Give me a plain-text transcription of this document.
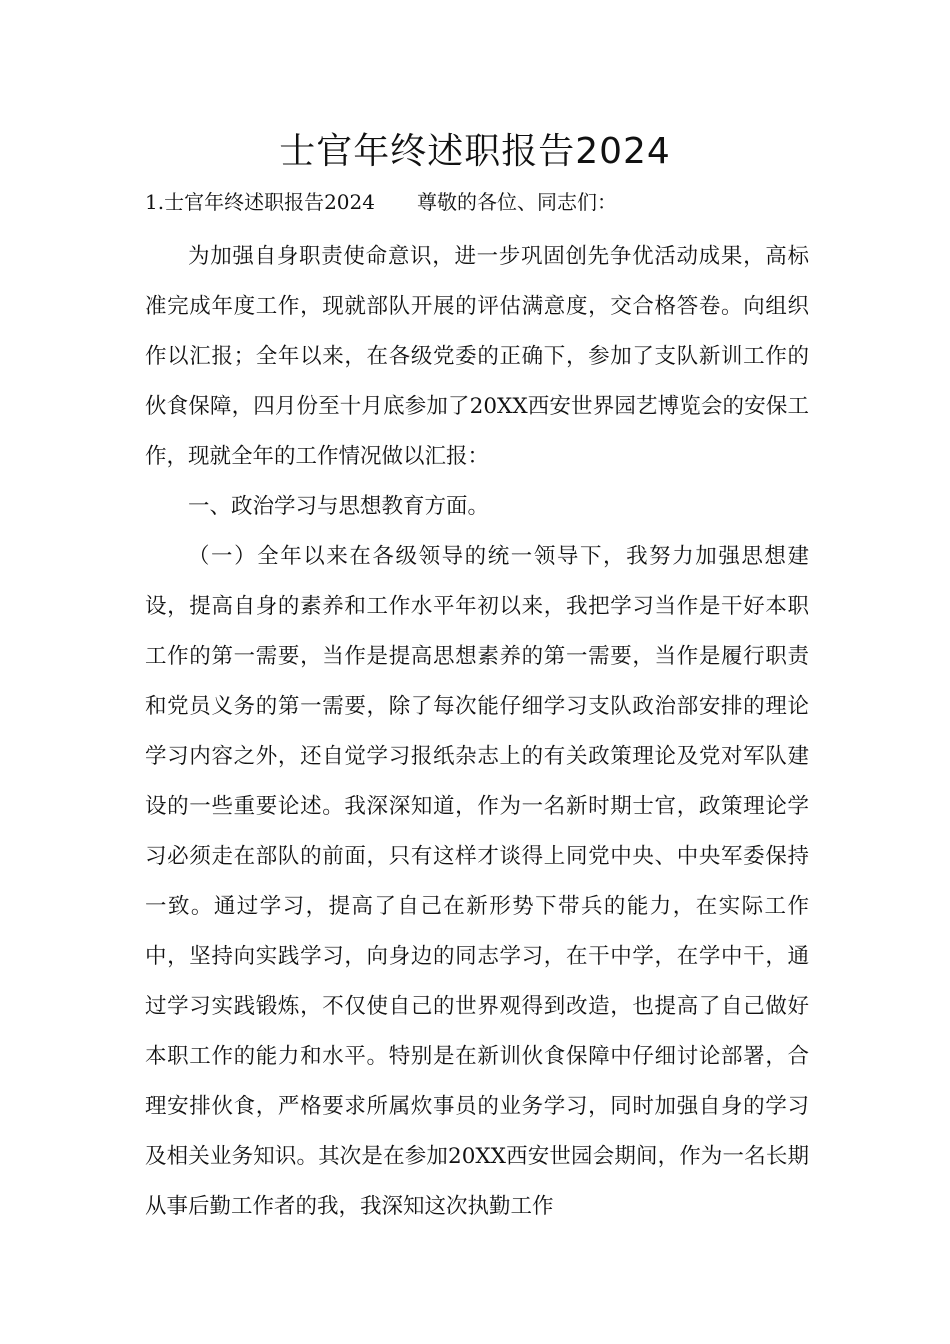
士官年终述职报告2024
1.士官年终述职报告2024 尊敬的各位、同志们：

为加强自身职责使命意识，进一步巩固创先争优活动成果，高标准完成年度工作，现就部队开展的评估满意度，交合格答卷。向组织作以汇报；全年以来，在各级党委的正确下，参加了支队新训工作的伙食保障，四月份至十月底参加了20XX西安世界园艺博览会的安保工作，现就全年的工作情况做以汇报：

一、政治学习与思想教育方面。

（一）全年以来在各级领导的统一领导下，我努力加强思想建设，提高自身的素养和工作水平年初以来，我把学习当作是干好本职工作的第一需要，当作是提高思想素养的第一需要，当作是履行职责和党员义务的第一需要，除了每次能仔细学习支队政治部安排的理论学习内容之外，还自觉学习报纸杂志上的有关政策理论及党对军队建设的一些重要论述。我深深知道，作为一名新时期士官，政策理论学习必须走在部队的前面，只有这样才谈得上同党中央、中央军委保持一致。通过学习，提高了自己在新形势下带兵的能力，在实际工作中，坚持向实践学习，向身边的同志学习，在干中学，在学中干，通过学习实践锻炼，不仅使自己的世界观得到改造，也提高了自己做好本职工作的能力和水平。特别是在新训伙食保障中仔细讨论部署，合理安排伙食，严格要求所属炊事员的业务学习，同时加强自身的学习及相关业务知识。其次是在参加20XX西安世园会期间，作为一名长期从事后勤工作者的我，我深知这次执勤工作
